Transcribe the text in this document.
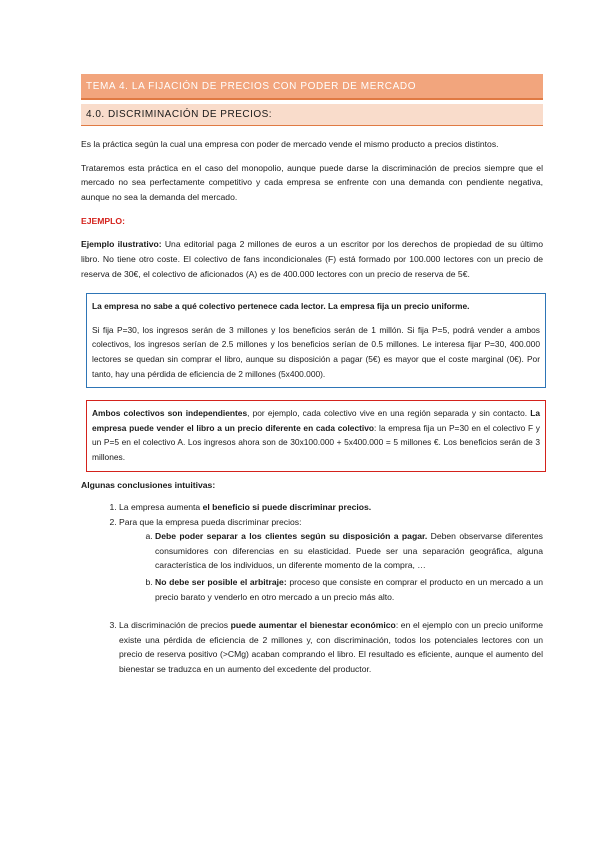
TEMA 4. LA FIJACIÓN DE PRECIOS CON PODER DE MERCADO
4.0. DISCRIMINACIÓN DE PRECIOS:

Es la práctica según la cual una empresa con poder de mercado vende el mismo producto a precios distintos.

Trataremos esta práctica en el caso del monopolio, aunque puede darse la discriminación de precios siempre que el mercado no sea perfectamente competitivo y cada empresa se enfrente con una demanda con pendiente negativa, aunque no sea la demanda del mercado.

EJEMPLO:

Ejemplo ilustrativo: Una editorial paga 2 millones de euros a un escritor por los derechos de propiedad de su último libro. No tiene otro coste. El colectivo de fans incondicionales (F) está formado por 100.000 lectores con un precio de reserva de 30€, el colectivo de aficionados (A) es de 400.000 lectores con un precio de reserva de 5€.

La empresa no sabe a qué colectivo pertenece cada lector. La empresa fija un precio uniforme.

Si fija P=30, los ingresos serán de 3 millones y los beneficios serán de 1 millón. Si fija P=5, podrá vender a ambos colectivos, los ingresos serían de 2.5 millones y los beneficios serían de 0.5 millones. Le interesa fijar P=30, 400.000 lectores se quedan sin comprar el libro, aunque su disposición a pagar (5€) es mayor que el coste marginal (0€). Por tanto, hay una pérdida de eficiencia de 2 millones (5x400.000).

Ambos colectivos son independientes, por ejemplo, cada colectivo vive en una región separada y sin contacto. La empresa puede vender el libro a un precio diferente en cada colectivo: la empresa fija un P=30 en el colectivo F y un P=5 en el colectivo A. Los ingresos ahora son de 30x100.000 + 5x400.000 = 5 millones €. Los beneficios serán de 3 millones.

Algunas conclusiones intuitivas:

1. La empresa aumenta el beneficio si puede discriminar precios.
2. Para que la empresa pueda discriminar precios:
a. Debe poder separar a los clientes según su disposición a pagar. Deben observarse diferentes consumidores con diferencias en su elasticidad. Puede ser una separación geográfica, alguna característica de los individuos, un diferente momento de la compra, …
b. No debe ser posible el arbitraje: proceso que consiste en comprar el producto en un mercado a un precio barato y venderlo en otro mercado a un precio más alto.
3. La discriminación de precios puede aumentar el bienestar económico: en el ejemplo con un precio uniforme existe una pérdida de eficiencia de 2 millones y, con discriminación, todos los potenciales lectores con un precio de reserva positivo (>CMg) acaban comprando el libro. El resultado es eficiente, aunque el aumento del bienestar se traduzca en un aumento del excedente del productor.
